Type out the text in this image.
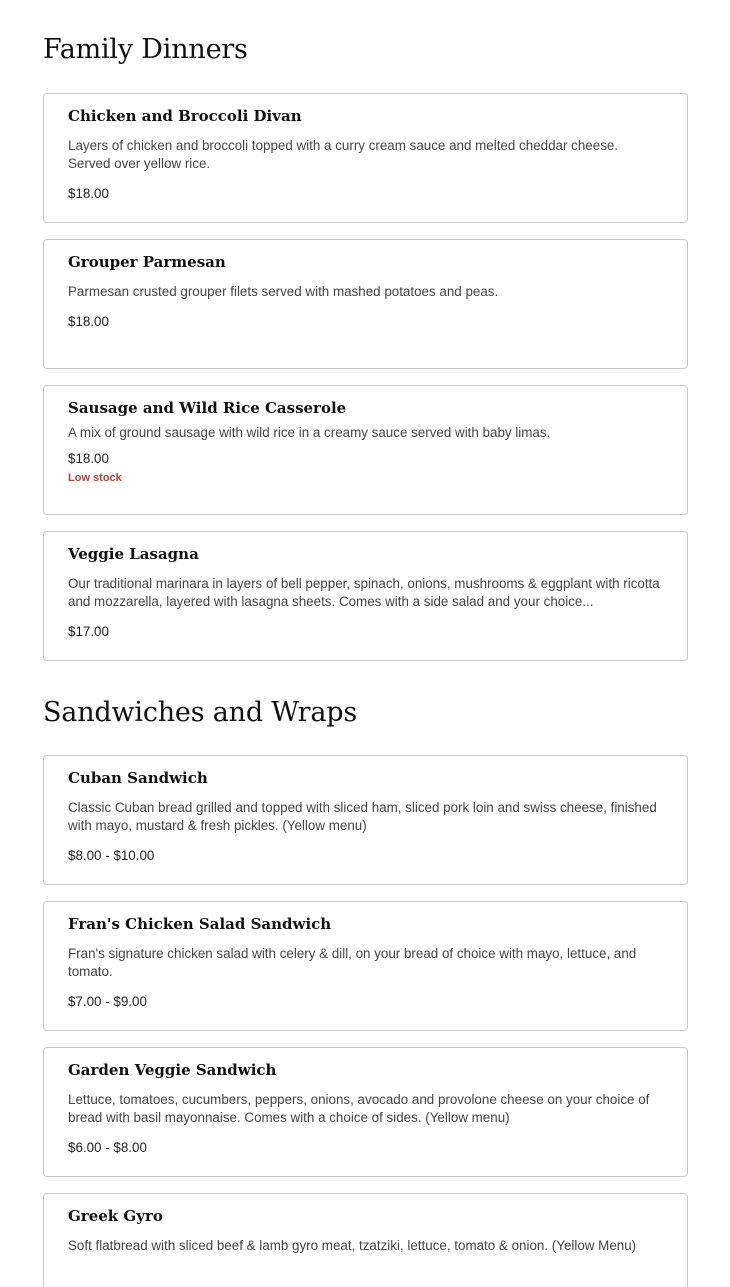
Family Dinners
Chicken and Broccoli Divan
Layers of chicken and broccoli topped with a curry cream sauce and melted cheddar cheese. Served over yellow rice.
$18.00
Grouper Parmesan
Parmesan crusted grouper filets served with mashed potatoes and peas.
$18.00
Sausage and Wild Rice Casserole
A mix of ground sausage with wild rice in a creamy sauce served with baby limas.
$18.00
Low stock
Veggie Lasagna
Our traditional marinara in layers of bell pepper, spinach, onions, mushrooms & eggplant with ricotta and mozzarella, layered with lasagna sheets. Comes with a side salad and your choice...
$17.00
Sandwiches and Wraps
Cuban Sandwich
Classic Cuban bread grilled and topped with sliced ham, sliced pork loin and swiss cheese, finished with mayo, mustard & fresh pickles. (Yellow menu)
$8.00 - $10.00
Fran's Chicken Salad Sandwich
Fran's signature chicken salad with celery & dill, on your bread of choice with mayo, lettuce, and tomato.
$7.00 - $9.00
Garden Veggie Sandwich
Lettuce, tomatoes, cucumbers, peppers, onions, avocado and provolone cheese on your choice of bread with basil mayonnaise. Comes with a choice of sides. (Yellow menu)
$6.00 - $8.00
Greek Gyro
Soft flatbread with sliced beef & lamb gyro meat, tzatziki, lettuce, tomato & onion. (Yellow Menu)
